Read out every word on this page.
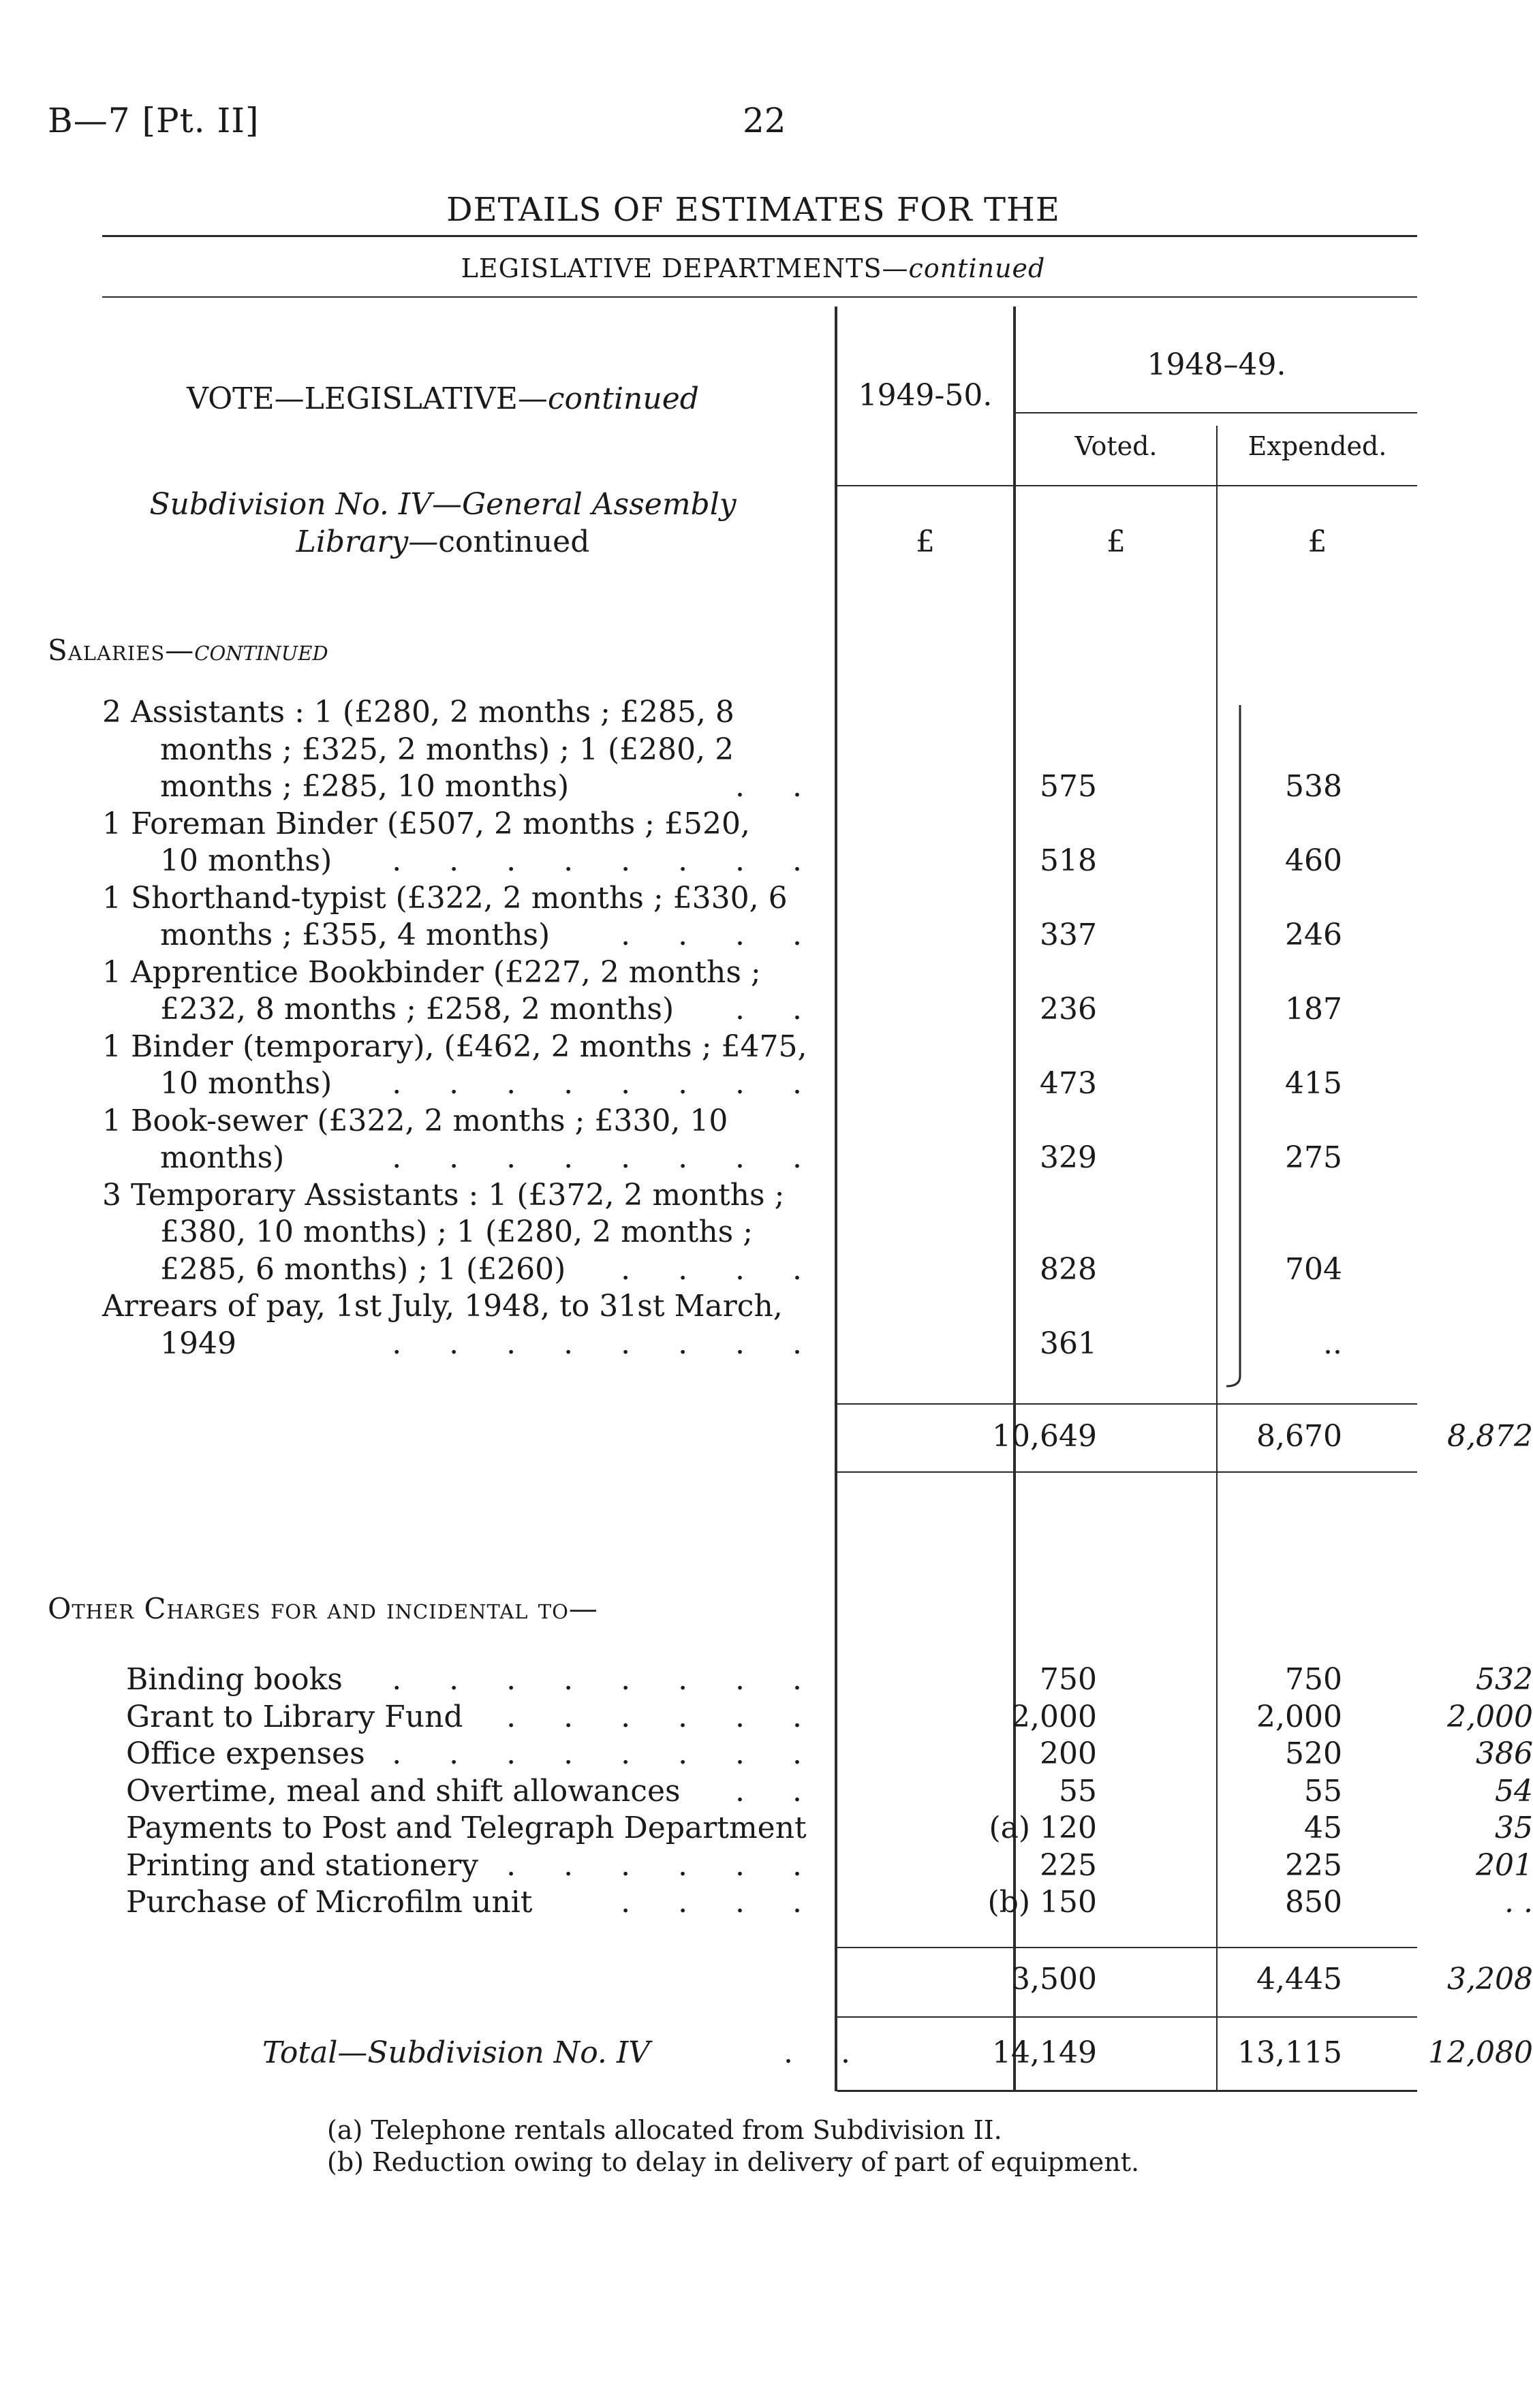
B—7 [Pt. II]	22
DETAILS OF ESTIMATES FOR THE
LEGISLATIVE DEPARTMENTS—continued
1949-50.
1948–49.
Voted.	Expended.
£	£	£
VOTE—LEGISLATIVE—continued
Subdivision No. IV—General Assembly
Library—continued
Salaries—continued
2 Assistants : 1 (£280, 2 months ; £285, 8
months ; £325, 2 months) ; 1 (£280, 2
months ; £285, 10 months)	. .	575	538
1 Foreman Binder (£507, 2 months ; £520,
10 months) . . . . . . . .	518	460
1 Shorthand-typist (£322, 2 months ; £330, 6
months ; £355, 4 months) . . . .	337	246
1 Apprentice Bookbinder (£227, 2 months ;
£232, 8 months ; £258, 2 months) . .	236	187
1 Binder (temporary), (£462, 2 months ; £475,
10 months) . . . . . . . .	473	415
1 Book-sewer (£322, 2 months ; £330, 10
months)	. . . . . . . .	329	275
3 Temporary Assistants : 1 (£372, 2 months ;
£380, 10 months) ; 1 (£280, 2 months ;
£285, 6 months) ; 1 (£260) . . . .	828	704
Arrears of pay, 1st July, 1948, to 31st March,
1949	. . . . . . . .	361	..
10,649	8,670	8,872
Other Charges for and incidental to—
Binding books . . . . . . . .	750	750	532
Grant to Library Fund . . . . . .	2,000	2,000	2,000
Office expenses . . . . . . . .	200	520	386
Overtime, meal and shift allowances . .	55	55	54
Payments to Post and Telegraph Department	(a) 120	45	35
Printing and stationery . . . . . .	225	225	201
Purchase of Microfilm unit	. . . .	(b) 150	850	. .
3,500	4,445	3,208
Total—Subdivision No. IV	. .	14,149	13,115	12,080
(a) Telephone rentals allocated from Subdivision II.
(b) Reduction owing to delay in delivery of part of equipment.
